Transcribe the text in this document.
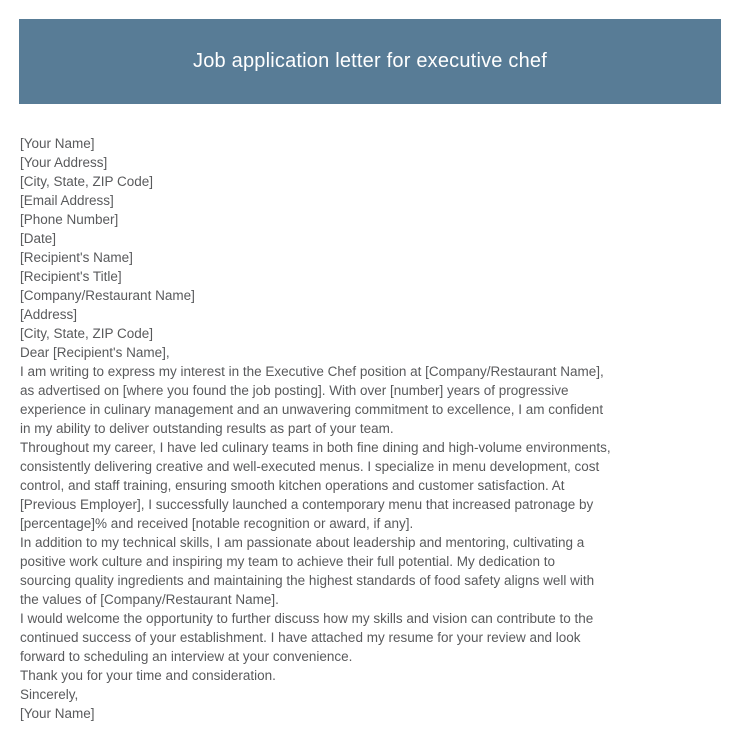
Job application letter for executive chef
[Your Name]
[Your Address]
[City, State, ZIP Code]
[Email Address]
[Phone Number]
[Date]
[Recipient's Name]
[Recipient's Title]
[Company/Restaurant Name]
[Address]
[City, State, ZIP Code]
Dear [Recipient's Name],
I am writing to express my interest in the Executive Chef position at [Company/Restaurant Name],
as advertised on [where you found the job posting]. With over [number] years of progressive
experience in culinary management and an unwavering commitment to excellence, I am confident
in my ability to deliver outstanding results as part of your team.
Throughout my career, I have led culinary teams in both fine dining and high-volume environments,
consistently delivering creative and well-executed menus. I specialize in menu development, cost
control, and staff training, ensuring smooth kitchen operations and customer satisfaction. At
[Previous Employer], I successfully launched a contemporary menu that increased patronage by
[percentage]% and received [notable recognition or award, if any].
In addition to my technical skills, I am passionate about leadership and mentoring, cultivating a
positive work culture and inspiring my team to achieve their full potential. My dedication to
sourcing quality ingredients and maintaining the highest standards of food safety aligns well with
the values of [Company/Restaurant Name].
I would welcome the opportunity to further discuss how my skills and vision can contribute to the
continued success of your establishment. I have attached my resume for your review and look
forward to scheduling an interview at your convenience.
Thank you for your time and consideration.
Sincerely,
[Your Name]
